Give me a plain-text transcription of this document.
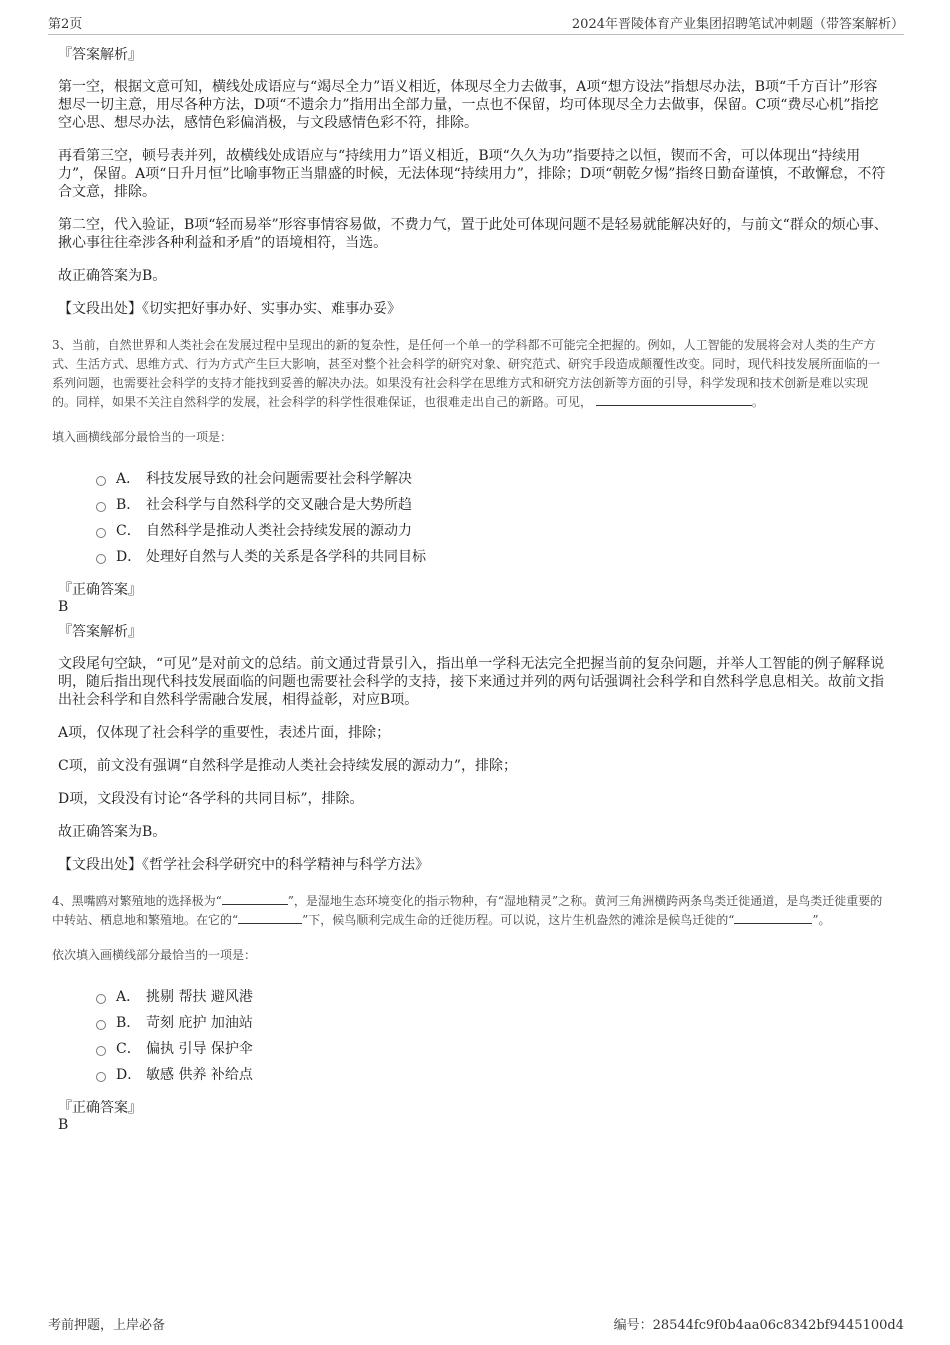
第2页	2024年晋陵体育产业集团招聘笔试冲刺题（带答案解析）
『答案解析』

第一空，根据文意可知，横线处成语应与“竭尽全力”语义相近，体现尽全力去做事，A项“想方设法”指想尽办法，B项“千方百计”形容想尽一切主意，用尽各种方法，D项“不遗余力”指用出全部力量，一点也不保留，均可体现尽全力去做事，保留。C项“费尽心机”指挖空心思、想尽办法，感情色彩偏消极，与文段感情色彩不符，排除。

再看第三空，顿号表并列，故横线处成语应与“持续用力”语义相近，B项“久久为功”指要持之以恒，锲而不舍，可以体现出“持续用力”，保留。A项“日升月恒”比喻事物正当鼎盛的时候，无法体现“持续用力”，排除；D项“朝乾夕惕”指终日勤奋谨慎，不敢懈怠，不符合文意，排除。

第二空，代入验证，B项“轻而易举”形容事情容易做，不费力气，置于此处可体现问题不是轻易就能解决好的，与前文“群众的烦心事、揪心事往往牵涉各种利益和矛盾”的语境相符，当选。

故正确答案为B。

【文段出处】《切实把好事办好、实事办实、难事办妥》

3、当前，自然世界和人类社会在发展过程中呈现出的新的复杂性，是任何一个单一的学科都不可能完全把握的。例如，人工智能的发展将会对人类的生产方式、生活方式、思维方式、行为方式产生巨大影响，甚至对整个社会科学的研究对象、研究范式、研究手段造成颠覆性改变。同时，现代科技发展所面临的一系列问题，也需要社会科学的支持才能找到妥善的解决办法。如果没有社会科学在思维方式和研究方法创新等方面的引导，科学发现和技术创新是难以实现的。同样，如果不关注自然科学的发展，社会科学的科学性很难保证，也很难走出自己的新路。可见，	。
填入画横线部分最恰当的一项是：
A． 科技发展导致的社会问题需要社会科学解决
B． 社会科学与自然科学的交叉融合是大势所趋
C． 自然科学是推动人类社会持续发展的源动力
D． 处理好自然与人类的关系是各学科的共同目标
『正确答案』
B
『答案解析』

文段尾句空缺，“可见”是对前文的总结。前文通过背景引入，指出单一学科无法完全把握当前的复杂问题，并举人工智能的例子解释说明，随后指出现代科技发展面临的问题也需要社会科学的支持，接下来通过并列的两句话强调社会科学和自然科学息息相关。故前文指出社会科学和自然科学需融合发展，相得益彰，对应B项。

A项，仅体现了社会科学的重要性，表述片面，排除；

C项，前文没有强调“自然科学是推动人类社会持续发展的源动力”，排除；

D项，文段没有讨论“各学科的共同目标”，排除。

故正确答案为B。

【文段出处】《哲学社会科学研究中的科学精神与科学方法》

4、黑嘴鸥对繁殖地的选择极为“	”，是湿地生态环境变化的指示物种，有“湿地精灵”之称。黄河三角洲横跨两条鸟类迁徙通道，是鸟类迁徙重要的中转站、栖息地和繁殖地。在它的“	”下，候鸟顺利完成生命的迁徙历程。可以说，这片生机盎然的滩涂是候鸟迁徙的“	”。
依次填入画横线部分最恰当的一项是：
A． 挑剔 帮扶 避风港
B． 苛刻 庇护 加油站
C． 偏执 引导 保护伞
D． 敏感 供养 补给点
『正确答案』
B
考前押题，上岸必备	编号：28544fc9f0b4aa06c8342bf9445100d4
